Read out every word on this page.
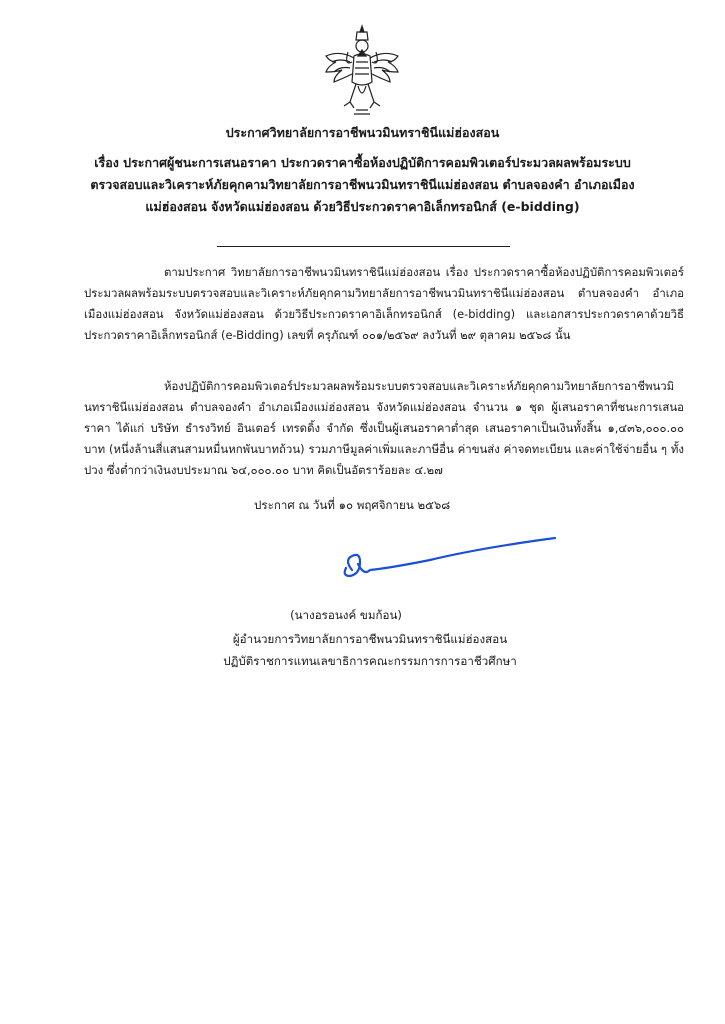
ประกาศวิทยาลัยการอาชีพนวมินทราชินีแม่ฮ่องสอน
เรื่อง ประกาศผู้ชนะการเสนอราคา ประกวดราคาซื้อห้องปฏิบัติการคอมพิวเตอร์ประมวลผลพร้อมระบบ
ตรวจสอบและวิเคราะห์ภัยคุกคามวิทยาลัยการอาชีพนวมินทราชินีแม่ฮ่องสอน ตำบลจองคำ อำเภอเมือง
แม่ฮ่องสอน จังหวัดแม่ฮ่องสอน ด้วยวิธีประกวดราคาอิเล็กทรอนิกส์ (e-bidding)
ตามประกาศ วิทยาลัยการอาชีพนวมินทราชินีแม่ฮ่องสอน เรื่อง ประกวดราคาซื้อห้องปฏิบัติการคอมพิวเตอร์ประมวลผลพร้อมระบบตรวจสอบและวิเคราะห์ภัยคุกคามวิทยาลัยการอาชีพนวมินทราชินีแม่ฮ่องสอน ตำบลจองคำ อำเภอเมืองแม่ฮ่องสอน จังหวัดแม่ฮ่องสอน ด้วยวิธีประกวดราคาอิเล็กทรอนิกส์ (e-bidding) และเอกสารประกวดราคาด้วยวิธีประกวดราคาอิเล็กทรอนิกส์ (e-Bidding) เลขที่ ครุภัณฑ์ ๐๐๑/๒๕๖๙ ลงวันที่ ๒๙ ตุลาคม ๒๕๖๘ นั้น
ห้องปฏิบัติการคอมพิวเตอร์ประมวลผลพร้อมระบบตรวจสอบและวิเคราะห์ภัยคุกคามวิทยาลัยการอาชีพนวมินทราชินีแม่ฮ่องสอน ตำบลจองคำ อำเภอเมืองแม่ฮ่องสอน จังหวัดแม่ฮ่องสอน จำนวน ๑ ชุด ผู้เสนอราคาที่ชนะการเสนอราคา ได้แก่ บริษัท ธำรงวิทย์ อินเตอร์ เทรดดิ้ง จำกัด ซึ่งเป็นผู้เสนอราคาต่ำสุด เสนอราคาเป็นเงินทั้งสิ้น ๑,๔๓๖,๐๐๐.๐๐ บาท (หนึ่งล้านสี่แสนสามหมื่นหกพันบาทถ้วน) รวมภาษีมูลค่าเพิ่มและภาษีอื่น ค่าขนส่ง ค่าจดทะเบียน และค่าใช้จ่ายอื่น ๆ ทั้งปวง ซึ่งต่ำกว่าเงินงบประมาณ ๖๔,๐๐๐.๐๐ บาท คิดเป็นอัตราร้อยละ ๔.๒๗
ประกาศ ณ วันที่ ๑๐ พฤศจิกายน ๒๕๖๘
(นางอรอนงค์ ขมก้อน)
ผู้อำนวยการวิทยาลัยการอาชีพนวมินทราชินีแม่ฮ่องสอน
ปฏิบัติราชการแทนเลขาธิการคณะกรรมการการอาชีวศึกษา
